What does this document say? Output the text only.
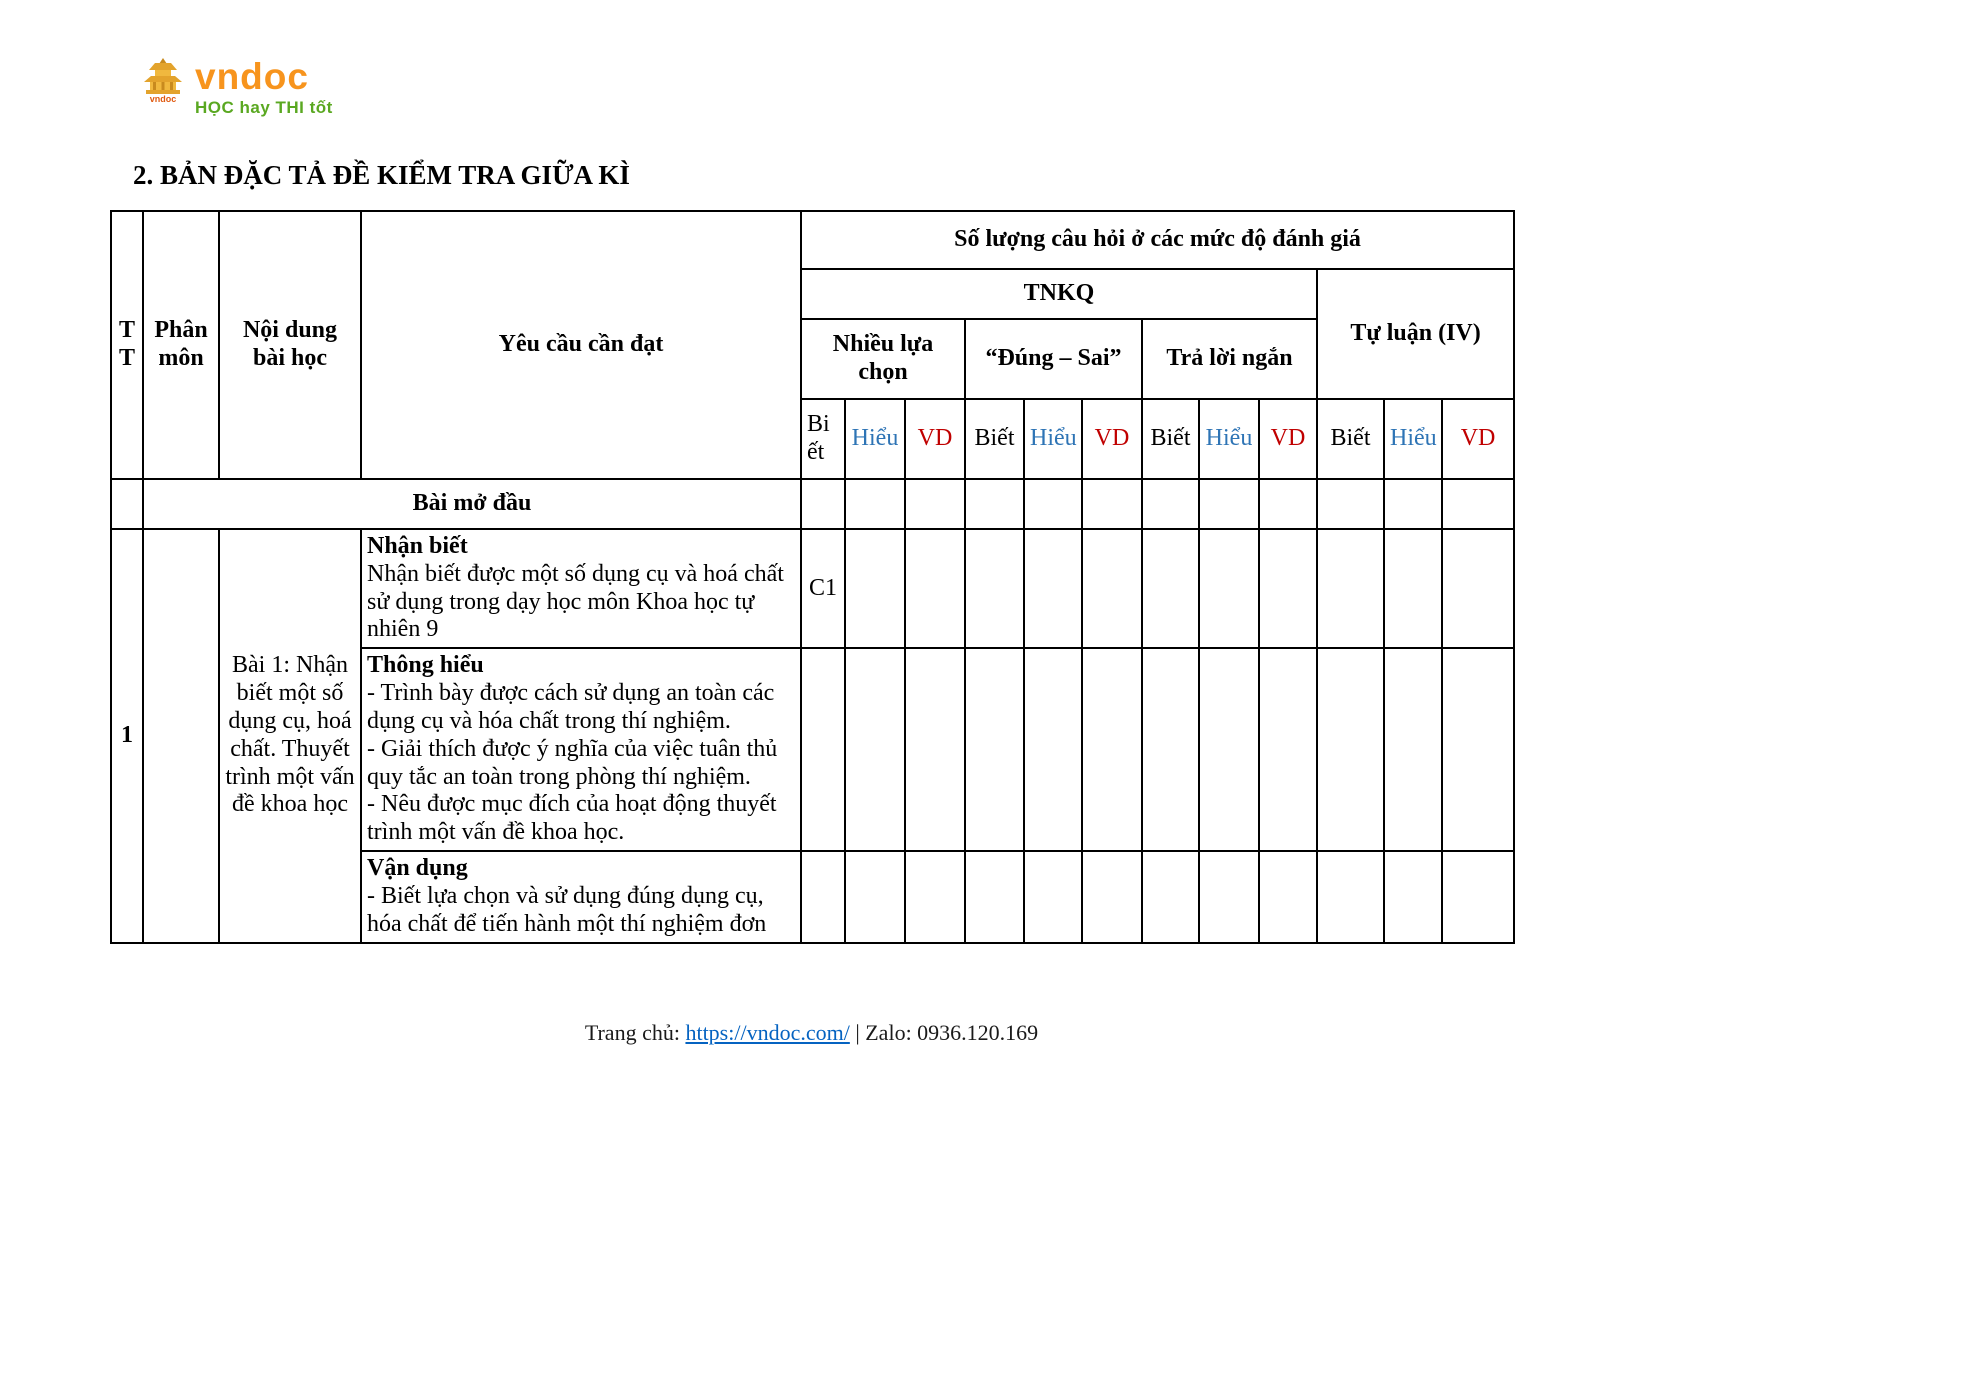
vndoc
vndoc
HỌC hay THI tốt
2. BẢN ĐẶC TẢ ĐỀ KIỂM TRA GIỮA KÌ
T T	Phân môn	Nội dung bài học	Yêu cầu cần đạt	Số lượng câu hỏi ở các mức độ đánh giá											
				TNKQ									Tự luận (IV)		
				Nhiều lựa chọn			“Đúng – Sai”			Trả lời ngắn					
				Biết	Hiểu	VD	Biết	Hiểu	VD	Biết	Hiểu	VD	Biết	Hiểu	VD
	Bài mở đầu														
1		Bài 1: Nhận biết một số dụng cụ, hoá chất. Thuyết trình một vấn đề khoa học	Nhận biết
Nhận biết được một số dụng cụ và hoá chất sử dụng trong dạy học môn Khoa học tự nhiên 9	C1											

			Thông hiểu
- Trình bày được cách sử dụng an toàn các dụng cụ và hóa chất trong thí nghiệm.
- Giải thích được ý nghĩa của việc tuân thủ quy tắc an toàn trong phòng thí nghiệm.
- Nêu được mục đích của hoạt động thuyết trình một vấn đề khoa học.												

			Vận dụng
- Biết lựa chọn và sử dụng đúng dụng cụ, hóa chất để tiến hành một thí nghiệm đơn												

Trang chủ: https://vndoc.com/ | Zalo: 0936.120.169
